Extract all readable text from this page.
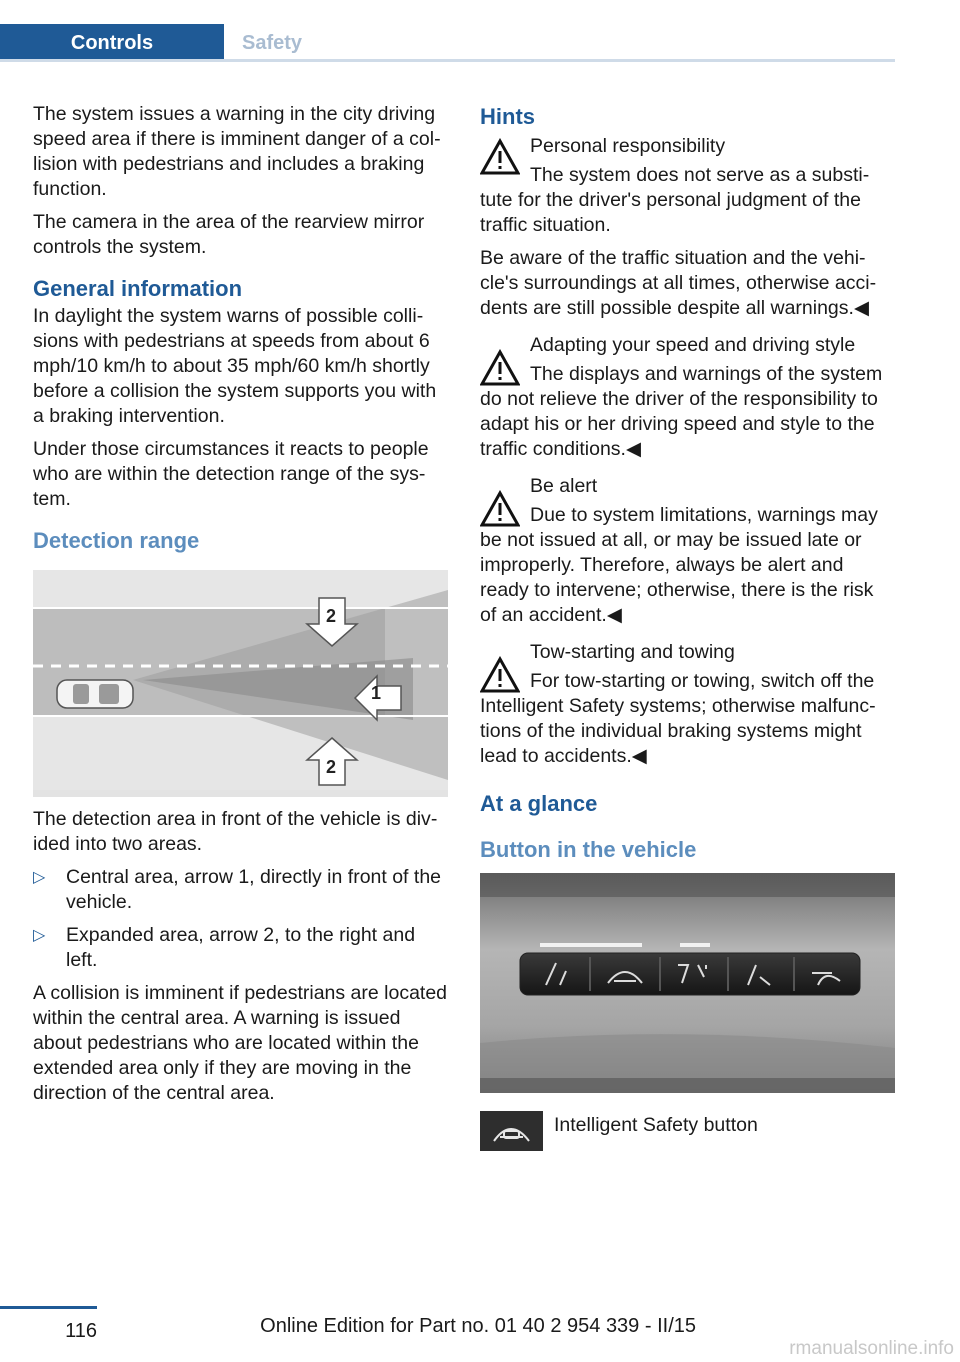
Controls	Safety

The system issues a warning in the city driving speed area if there is imminent danger of a collision with pedestrians and includes a braking function.

The camera in the area of the rearview mirror controls the system.

General information

In daylight the system warns of possible collisions with pedestrians at speeds from about 6 mph/10 km/h to about 35 mph/60 km/h shortly before a collision the system supports you with a braking intervention.

Under those circumstances it reacts to people who are within the detection range of the system.

Detection range
1
2
2

The detection area in front of the vehicle is divided into two areas.

▷ Central area, arrow 1, directly in front of the vehicle.
▷ Expanded area, arrow 2, to the right and left.

A collision is imminent if pedestrians are located within the central area. A warning is issued about pedestrians who are located within the extended area only if they are moving in the direction of the central area.

Hints
Personal responsibility
The system does not serve as a substitute for the driver's personal judgment of the traffic situation.

Be aware of the traffic situation and the vehicle's surroundings at all times, otherwise accidents are still possible despite all warnings.◀

Adapting your speed and driving style
The displays and warnings of the system do not relieve the driver of the responsibility to adapt his or her driving speed and style to the traffic conditions.◀
Be alert
Due to system limitations, warnings may be not issued at all, or may be issued late or improperly. Therefore, always be alert and ready to intervene; otherwise, there is the risk of an accident.◀
Tow-starting and towing
For tow-starting or towing, switch off the Intelligent Safety systems; otherwise malfunctions of the individual braking systems might lead to accidents.◀
At a glance
Button in the vehicle
Intelligent Safety button
116	Online Edition for Part no. 01 40 2 954 339 - II/15
rmanualsonline.info
